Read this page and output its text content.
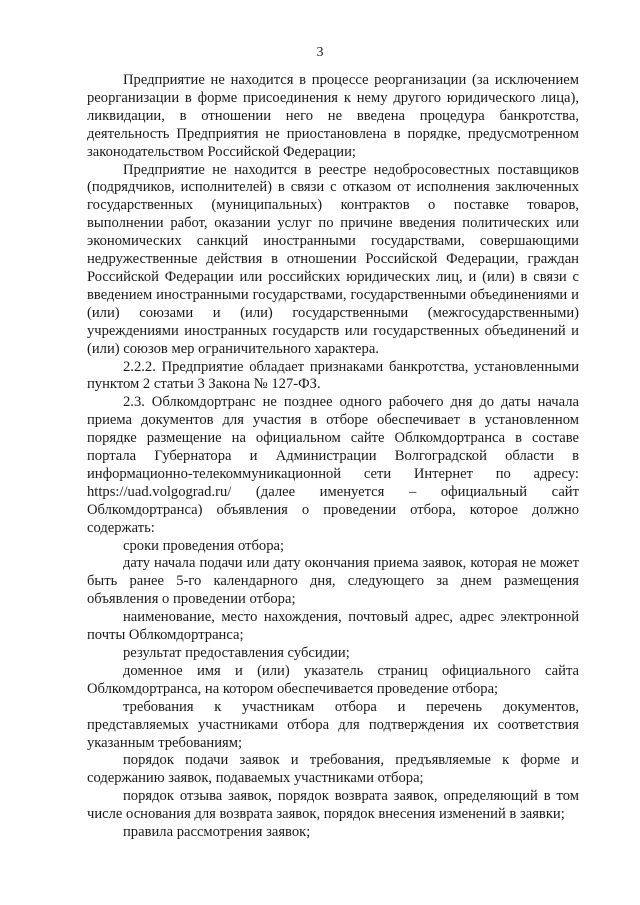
3

Предприятие не находится в процессе реорганизации (за исключением реорганизации в форме присоединения к нему другого юридического лица), ликвидации, в отношении него не введена процедура банкротства, деятельность Предприятия не приостановлена в порядке, предусмотренном законодательством Российской Федерации;

Предприятие не находится в реестре недобросовестных поставщиков (подрядчиков, исполнителей) в связи с отказом от исполнения заключенных государственных (муниципальных) контрактов о поставке товаров, выполнении работ, оказании услуг по причине введения политических или экономических санкций иностранными государствами, совершающими недружественные действия в отношении Российской Федерации, граждан Российской Федерации или российских юридических лиц, и (или) в связи с введением иностранными государствами, государственными объединениями и (или) союзами и (или) государственными (межгосударственными) учреждениями иностранных государств или государственных объединений и (или) союзов мер ограничительного характера.

2.2.2. Предприятие обладает признаками банкротства, установленными пунктом 2 статьи 3 Закона № 127-ФЗ.

2.3. Облкомдортранс не позднее одного рабочего дня до даты начала приема документов для участия в отборе обеспечивает в установленном порядке размещение на официальном сайте Облкомдортранса в составе портала Губернатора и Администрации Волгоградской области в информационно-телекоммуникационной сети Интернет по адресу: https://uad.volgograd.ru/ (далее именуется – официальный сайт Облкомдортранса) объявления о проведении отбора, которое должно содержать:

сроки проведения отбора;

дату начала подачи или дату окончания приема заявок, которая не может быть ранее 5-го календарного дня, следующего за днем размещения объявления о проведении отбора;

наименование, место нахождения, почтовый адрес, адрес электронной почты Облкомдортранса;

результат предоставления субсидии;

доменное имя и (или) указатель страниц официального сайта Облкомдортранса, на котором обеспечивается проведение отбора;

требования к участникам отбора и перечень документов, представляемых участниками отбора для подтверждения их соответствия указанным требованиям;

порядок подачи заявок и требования, предъявляемые к форме и содержанию заявок, подаваемых участниками отбора;

порядок отзыва заявок, порядок возврата заявок, определяющий в том числе основания для возврата заявок, порядок внесения изменений в заявки;

правила рассмотрения заявок;
